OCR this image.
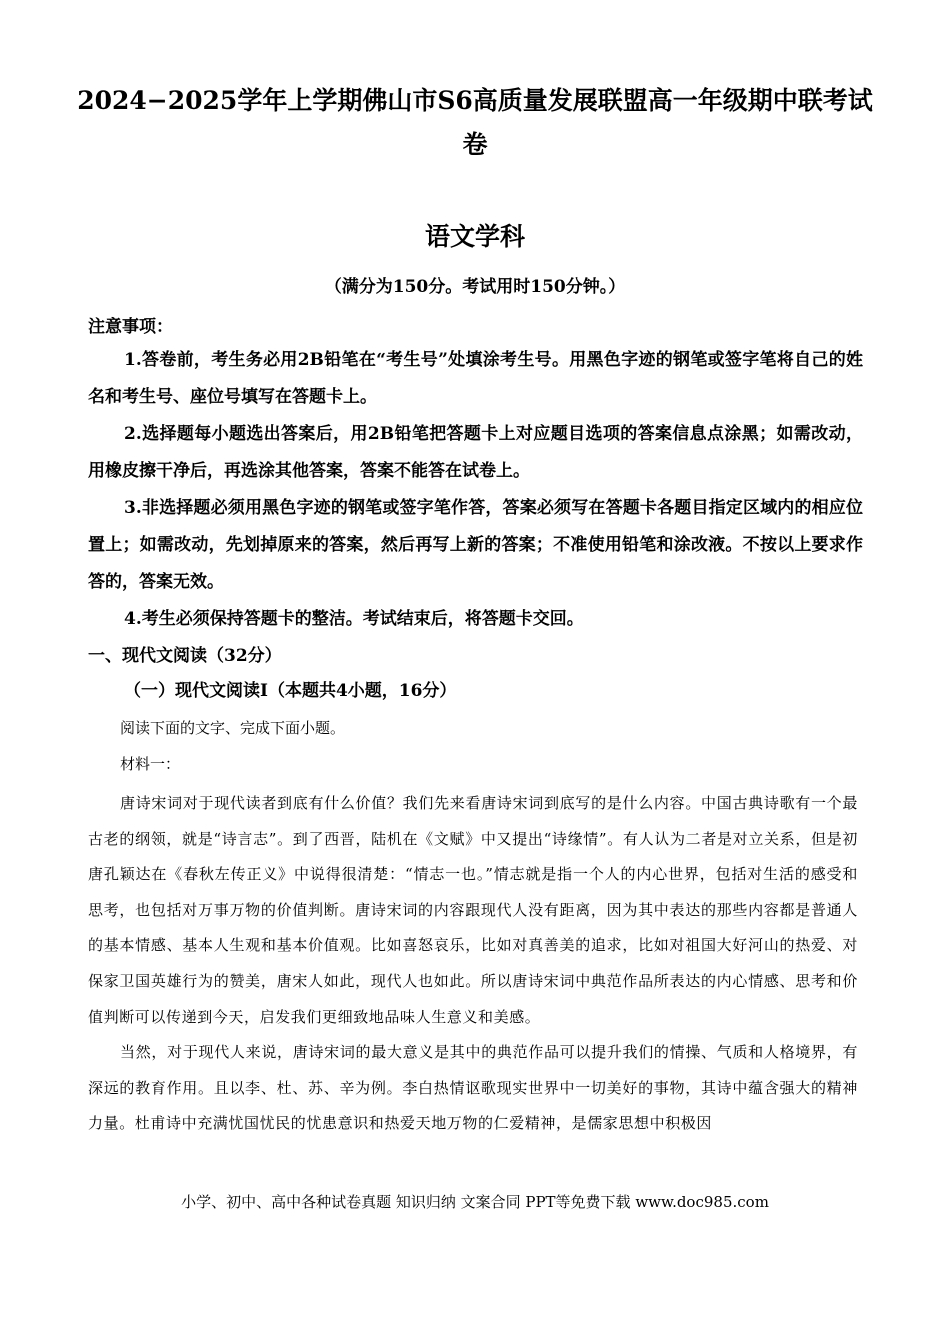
2024−2025学年上学期佛山市S6高质量发展联盟高一年级期中联考试
卷
语文学科
（满分为150分。考试用时150分钟。）
注意事项：

1.答卷前，考生务必用2B铅笔在“考生号”处填涂考生号。用黑色字迹的钢笔或签字笔将自己的姓名和考生号、座位号填写在答题卡上。

2.选择题每小题选出答案后，用2B铅笔把答题卡上对应题目选项的答案信息点涂黑；如需改动，用橡皮擦干净后，再选涂其他答案，答案不能答在试卷上。

3.非选择题必须用黑色字迹的钢笔或签字笔作答，答案必须写在答题卡各题目指定区域内的相应位置上；如需改动，先划掉原来的答案，然后再写上新的答案；不准使用铅笔和涂改液。不按以上要求作答的，答案无效。

4.考生必须保持答题卡的整洁。考试结束后，将答题卡交回。

一、现代文阅读（32分）
（一）现代文阅读Ⅰ（本题共4小题，16分）
阅读下面的文字、完成下面小题。
材料一：

唐诗宋词对于现代读者到底有什么价值？我们先来看唐诗宋词到底写的是什么内容。中国古典诗歌有一个最古老的纲领，就是“诗言志”。到了西晋，陆机在《文赋》中又提出“诗缘情”。有人认为二者是对立关系，但是初唐孔颖达在《春秋左传正义》中说得很清楚：“情志一也。”情志就是指一个人的内心世界，包括对生活的感受和思考，也包括对万事万物的价值判断。唐诗宋词的内容跟现代人没有距离，因为其中表达的那些内容都是普通人的基本情感、基本人生观和基本价值观。比如喜怒哀乐，比如对真善美的追求，比如对祖国大好河山的热爱、对保家卫国英雄行为的赞美，唐宋人如此，现代人也如此。所以唐诗宋词中典范作品所表达的内心情感、思考和价值判断可以传递到今天，启发我们更细致地品味人生意义和美感。

当然，对于现代人来说，唐诗宋词的最大意义是其中的典范作品可以提升我们的情操、气质和人格境界，有深远的教育作用。且以李、杜、苏、辛为例。李白热情讴歌现实世界中一切美好的事物，其诗中蕴含强大的精神力量。杜甫诗中充满忧国忧民的忧患意识和热爱天地万物的仁爱精神，是儒家思想中积极因

小学、初中、高中各种试卷真题 知识归纳 文案合同 PPT等免费下载 www.doc985.com
